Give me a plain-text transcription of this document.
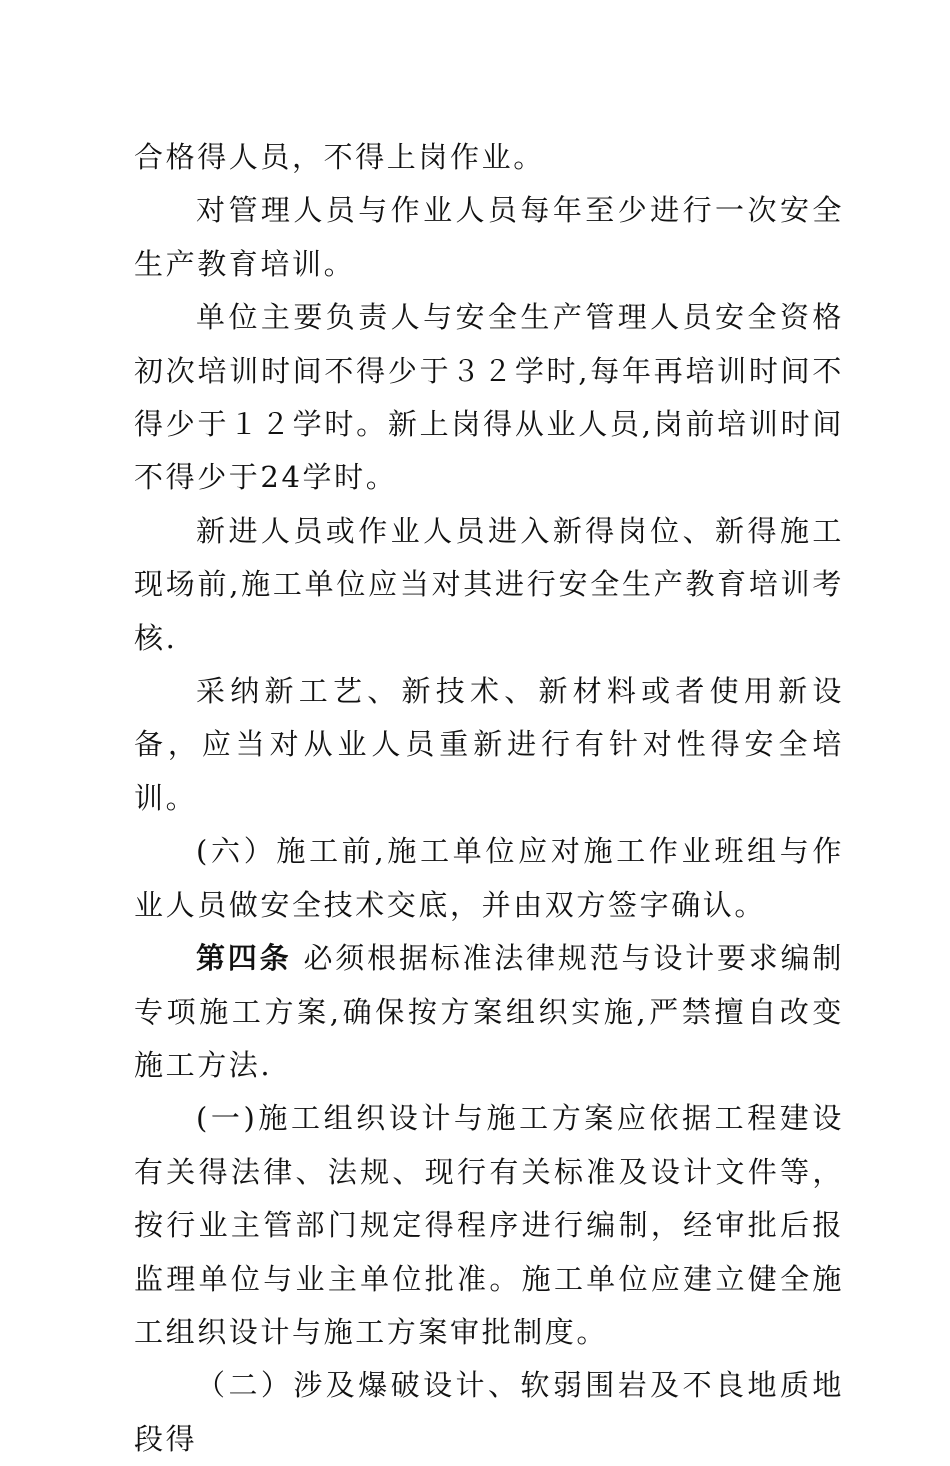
合格得人员，不得上岗作业。

对管理人员与作业人员每年至少进行一次安全生产教育培训。

单位主要负责人与安全生产管理人员安全资格初次培训时间不得少于３２学时,每年再培训时间不得少于１２学时。新上岗得从业人员,岗前培训时间不得少于24学时。

新进人员或作业人员进入新得岗位、新得施工现场前,施工单位应当对其进行安全生产教育培训考核.

采纳新工艺、新技术、新材料或者使用新设备，应当对从业人员重新进行有针对性得安全培训。

(六）施工前,施工单位应对施工作业班组与作业人员做安全技术交底，并由双方签字确认。

第四条 必须根据标准法律规范与设计要求编制专项施工方案,确保按方案组织实施,严禁擅自改变施工方法.

(一)施工组织设计与施工方案应依据工程建设有关得法律、法规、现行有关标准及设计文件等，按行业主管部门规定得程序进行编制，经审批后报监理单位与业主单位批准。施工单位应建立健全施工组织设计与施工方案审批制度。

（二）涉及爆破设计、软弱围岩及不良地质地段得
